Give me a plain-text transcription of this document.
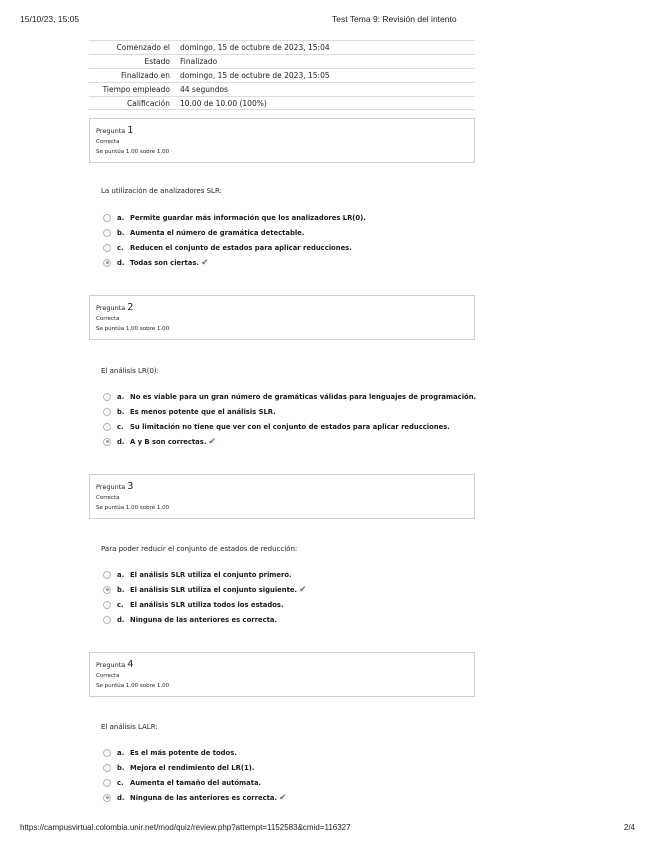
15/10/23, 15:05	Test Tema 9: Revisión del intento
Comenzado el	domingo, 15 de octubre de 2023, 15:04
Estado	Finalizado
Finalizado en	domingo, 15 de octubre de 2023, 15:05
Tiempo empleado	44 segundos
Calificación	10.00 de 10.00 (100%)
Pregunta 1
Correcta
Se puntúa 1.00 sobre 1.00
La utilización de analizadores SLR:
a. Permite guardar más información que los analizadores LR(0).
b. Aumenta el número de gramática detectable.
c. Reducen el conjunto de estados para aplicar reducciones.
d. Todas son ciertas. ✔
Pregunta 2
Correcta
Se puntúa 1.00 sobre 1.00
El análisis LR(0):
a. No es viable para un gran número de gramáticas válidas para lenguajes de programación.
b. Es menos potente que el análisis SLR.
c. Su limitación no tiene que ver con el conjunto de estados para aplicar reducciones.
d. A y B son correctas. ✔
Pregunta 3
Correcta
Se puntúa 1.00 sobre 1.00
Para poder reducir el conjunto de estados de reducción:
a. El análisis SLR utiliza el conjunto primero.
b. El análisis SLR utiliza el conjunto siguiente. ✔
c. El análisis SLR utiliza todos los estados.
d. Ninguna de las anteriores es correcta.
Pregunta 4
Correcta
Se puntúa 1.00 sobre 1.00
El análisis LALR:
a. Es el más potente de todos.
b. Mejora el rendimiento del LR(1).
c. Aumenta el tamaño del autómata.
d. Ninguna de las anteriores es correcta. ✔
https://campusvirtual.colombia.unir.net/mod/quiz/review.php?attempt=1152583&cmid=116327	2/4
